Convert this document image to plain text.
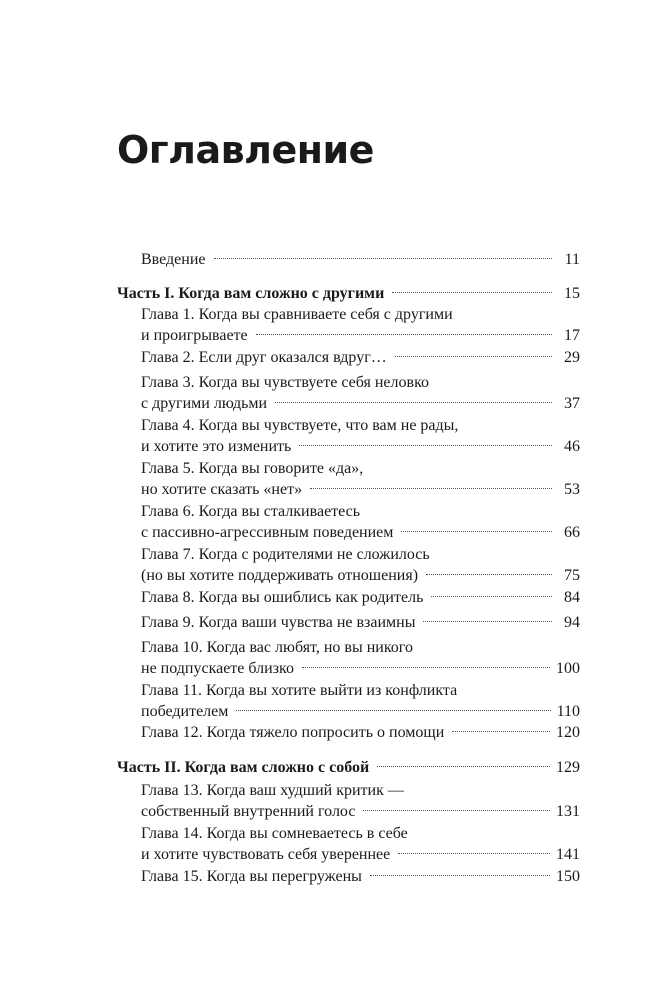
Оглавление
Введение	11
Часть I. Когда вам сложно с другими	15
Глава 1. Когда вы сравниваете себя с другими
и проигрываете	17
Глава 2. Если друг оказался вдруг…	29
Глава 3. Когда вы чувствуете себя неловко
с другими людьми	37
Глава 4. Когда вы чувствуете, что вам не рады,
и хотите это изменить	46
Глава 5. Когда вы говорите «да»,
но хотите сказать «нет»	53
Глава 6. Когда вы сталкиваетесь
с пассивно-агрессивным поведением	66
Глава 7. Когда с родителями не сложилось
(но вы хотите поддерживать отношения)	75
Глава 8. Когда вы ошиблись как родитель	84
Глава 9. Когда ваши чувства не взаимны	94
Глава 10. Когда вас любят, но вы никого
не подпускаете близко	100
Глава 11. Когда вы хотите выйти из конфликта
победителем	110
Глава 12. Когда тяжело попросить о помощи	120
Часть II. Когда вам сложно с собой	129
Глава 13. Когда ваш худший критик —
собственный внутренний голос	131
Глава 14. Когда вы сомневаетесь в себе
и хотите чувствовать себя увереннее	141
Глава 15. Когда вы перегружены	150
